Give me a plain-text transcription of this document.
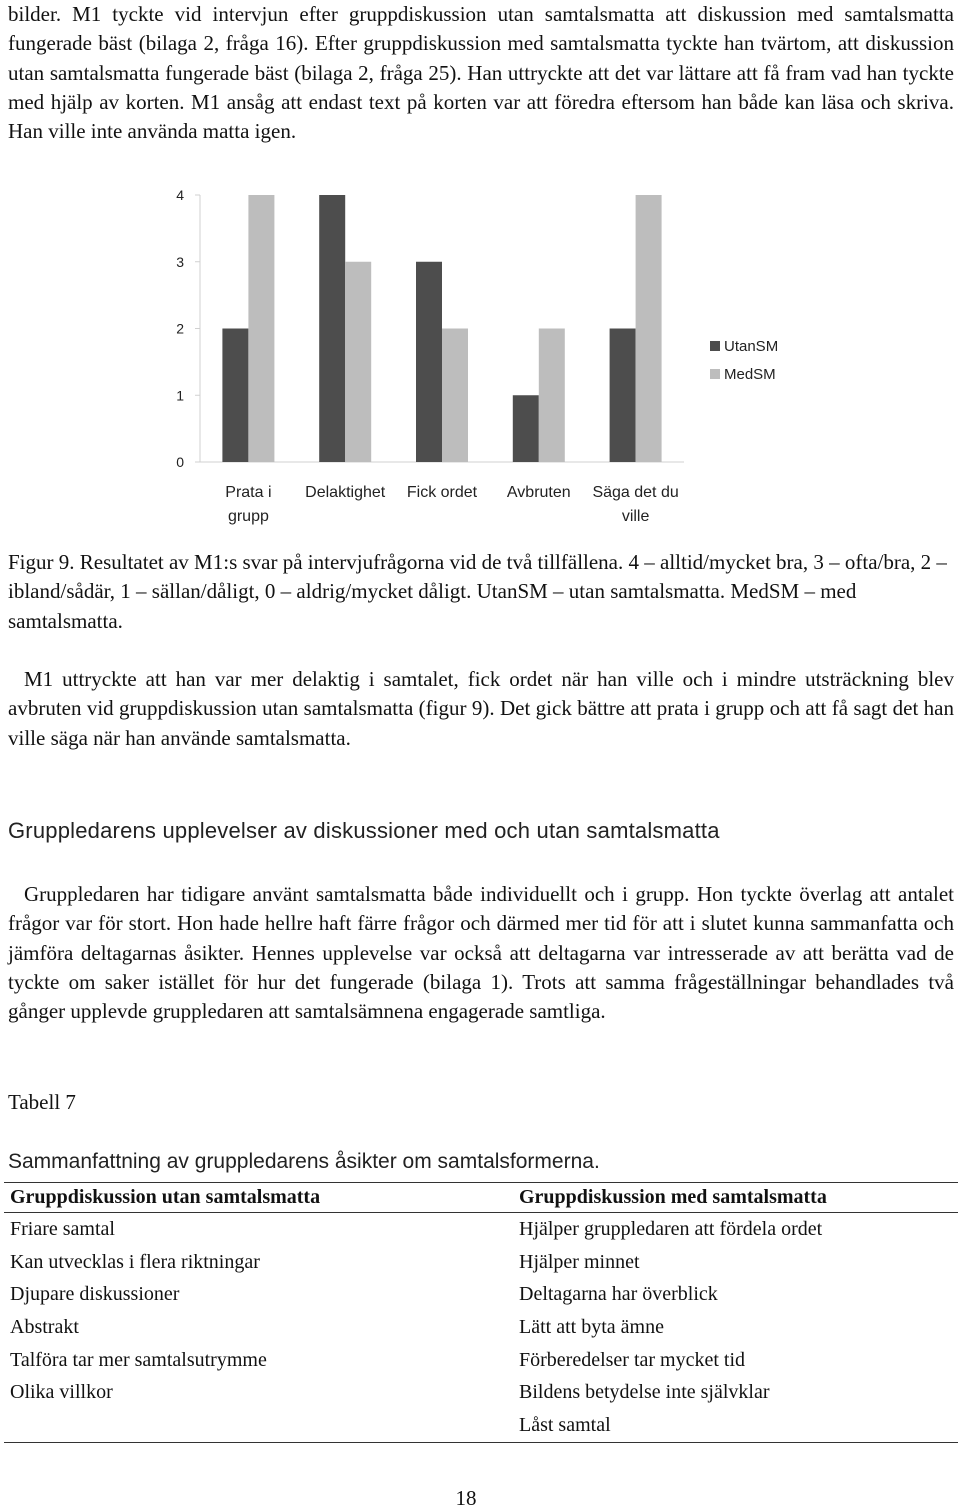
bilder. M1 tyckte vid intervjun efter gruppdiskussion utan samtalsmatta att diskussion med samtalsmatta fungerade bäst (bilaga 2, fråga 16). Efter gruppdiskussion med samtalsmatta tyckte han tvärtom, att diskussion utan samtalsmatta fungerade bäst (bilaga 2, fråga 25). Han uttryckte att det var lättare att få fram vad han tyckte med hjälp av korten. M1 ansåg att endast text på korten var att föredra eftersom han både kan läsa och skriva. Han ville inte använda matta igen.
0
1
2
3
4
Prata i grupp
Delaktighet Fick ordet Avbruten Säga det du ville
UtanSM
MedSM
Figur 9. Resultatet av M1:s svar på intervjufrågorna vid de två tillfällena. 4 – alltid/mycket bra, 3 – ofta/bra, 2 – ibland/sådär, 1 – sällan/dåligt, 0 – aldrig/mycket dåligt. UtanSM – utan samtalsmatta. MedSM – med samtalsmatta.
M1 uttryckte att han var mer delaktig i samtalet, fick ordet när han ville och i mindre utsträckning blev avbruten vid gruppdiskussion utan samtalsmatta (figur 9). Det gick bättre att prata i grupp och att få sagt det han ville säga när han använde samtalsmatta.
Gruppledarens upplevelser av diskussioner med och utan samtalsmatta
Gruppledaren har tidigare använt samtalsmatta både individuellt och i grupp. Hon tyckte överlag att antalet frågor var för stort. Hon hade hellre haft färre frågor och därmed mer tid för att i slutet kunna sammanfatta och jämföra deltagarnas åsikter. Hennes upplevelse var också att deltagarna var intresserade av att berätta vad de tyckte om saker istället för hur det fungerade (bilaga 1). Trots att samma frågeställningar behandlades två gånger upplevde gruppledaren att samtalsämnena engagerade samtliga.
Tabell 7
Sammanfattning av gruppledarens åsikter om samtalsformerna.
Gruppdiskussion utan samtalsmatta	Gruppdiskussion med samtalsmatta
Friare samtal	Hjälper gruppledaren att fördela ordet
Kan utvecklas i flera riktningar	Hjälper minnet
Djupare diskussioner	Deltagarna har överblick
Abstrakt	Lätt att byta ämne
Talföra tar mer samtalsutrymme	Förberedelser tar mycket tid
Olika villkor	Bildens betydelse inte självklar
	Låst samtal
18
